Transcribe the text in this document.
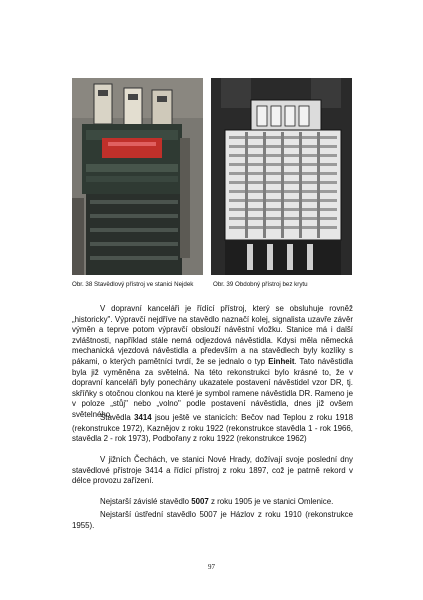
Obr. 38 Stavědlový přístroj ve stanici Nejdek	Obr. 39 Obdobný přístroj bez krytu

V dopravní kanceláři je řídící přístroj, který se obsluhuje rovněž „historicky". Výpravčí nejdříve na stavědlo naznačí kolej, signalista uzavře závěr výměn a teprve potom výpravčí obslouží návěstní vložku. Stanice má i další zvláštnosti, například stále nemá odjezdová návěstidla. Kdysi měla německá mechanická vjezdová návěstidla a především a na stavědlech byly kozlíky s pákami, o kterých pamětníci tvrdí, že se jednalo o typ Einheit. Tato návěstidla byla již vyměněna za světelná. Na této rekonstrukci bylo krásné to, že v dopravní kanceláři byly ponechány ukazatele postavení návěstidel vzor DR, tj. skříňky s otočnou clonkou na které je symbol ramene návěstidla DR. Rameno je v poloze „stůj" nebo „volno" podle postavení návěstidla, dnes již ovšem světelného.

Stavědla 3414 jsou ještě ve stanicích: Bečov nad Teplou z roku 1918 (rekonstrukce 1972), Kaznějov z roku 1922 (rekonstrukce stavědla 1 - rok 1966, stavědla 2 - rok 1973), Podbořany z roku 1922 (rekonstrukce 1962)

V jižních Čechách, ve stanici Nové Hrady, dožívají svoje poslední dny stavědlové přístroje 3414 a řídící přístroj z roku 1897, což je patrně rekord v délce provozu zařízení.

Nejstarší závislé stavědlo 5007 z roku 1905 je ve stanici Omlenice.

Nejstarší ústřední stavědlo 5007 je Házlov z roku 1910 (rekonstrukce 1955).

97
